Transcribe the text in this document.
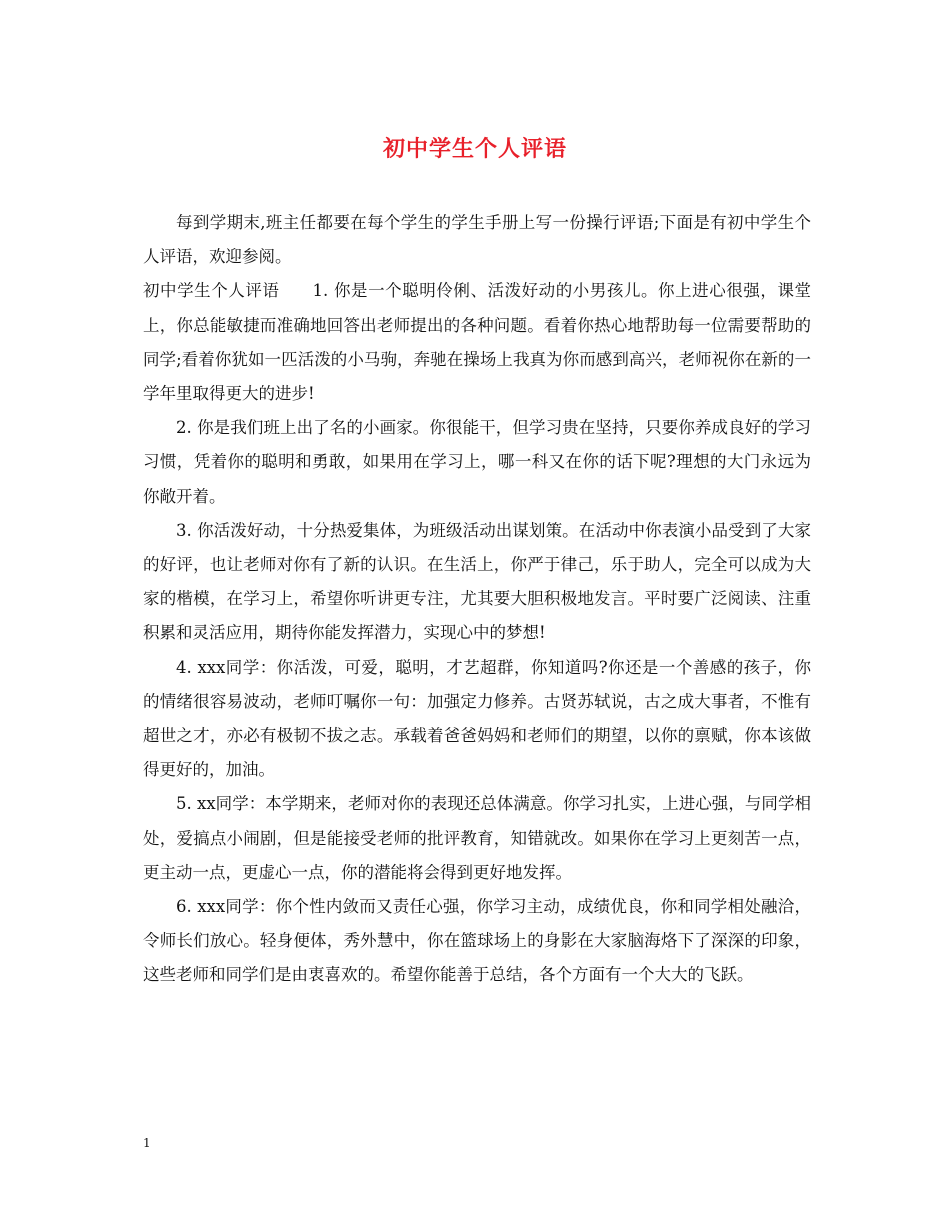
初中学生个人评语

每到学期末,班主任都要在每个学生的学生手册上写一份操行评语;下面是有初中学生个人评语，欢迎参阅。

初中学生个人评语 1. 你是一个聪明伶俐、活泼好动的小男孩儿。你上进心很强，课堂上，你总能敏捷而准确地回答出老师提出的各种问题。看着你热心地帮助每一位需要帮助的同学;看着你犹如一匹活泼的小马驹，奔驰在操场上我真为你而感到高兴，老师祝你在新的一学年里取得更大的进步!

2. 你是我们班上出了名的小画家。你很能干，但学习贵在坚持，只要你养成良好的学习习惯，凭着你的聪明和勇敢，如果用在学习上，哪一科又在你的话下呢?理想的大门永远为你敞开着。

3. 你活泼好动，十分热爱集体，为班级活动出谋划策。在活动中你表演小品受到了大家的好评，也让老师对你有了新的认识。在生活上，你严于律己，乐于助人，完全可以成为大家的楷模，在学习上，希望你听讲更专注，尤其要大胆积极地发言。平时要广泛阅读、注重积累和灵活应用，期待你能发挥潜力，实现心中的梦想!

4. xxx同学：你活泼，可爱，聪明，才艺超群，你知道吗?你还是一个善感的孩子，你的情绪很容易波动，老师叮嘱你一句：加强定力修养。古贤苏轼说，古之成大事者，不惟有超世之才，亦必有极韧不拔之志。承载着爸爸妈妈和老师们的期望，以你的禀赋，你本该做得更好的，加油。

5. xx同学：本学期来，老师对你的表现还总体满意。你学习扎实，上进心强，与同学相处，爱搞点小闹剧，但是能接受老师的批评教育，知错就改。如果你在学习上更刻苦一点，更主动一点，更虚心一点，你的潜能将会得到更好地发挥。

6. xxx同学：你个性内敛而又责任心强，你学习主动，成绩优良，你和同学相处融洽，令师长们放心。轻身便体，秀外慧中，你在篮球场上的身影在大家脑海烙下了深深的印象，这些老师和同学们是由衷喜欢的。希望你能善于总结，各个方面有一个大大的飞跃。

1
